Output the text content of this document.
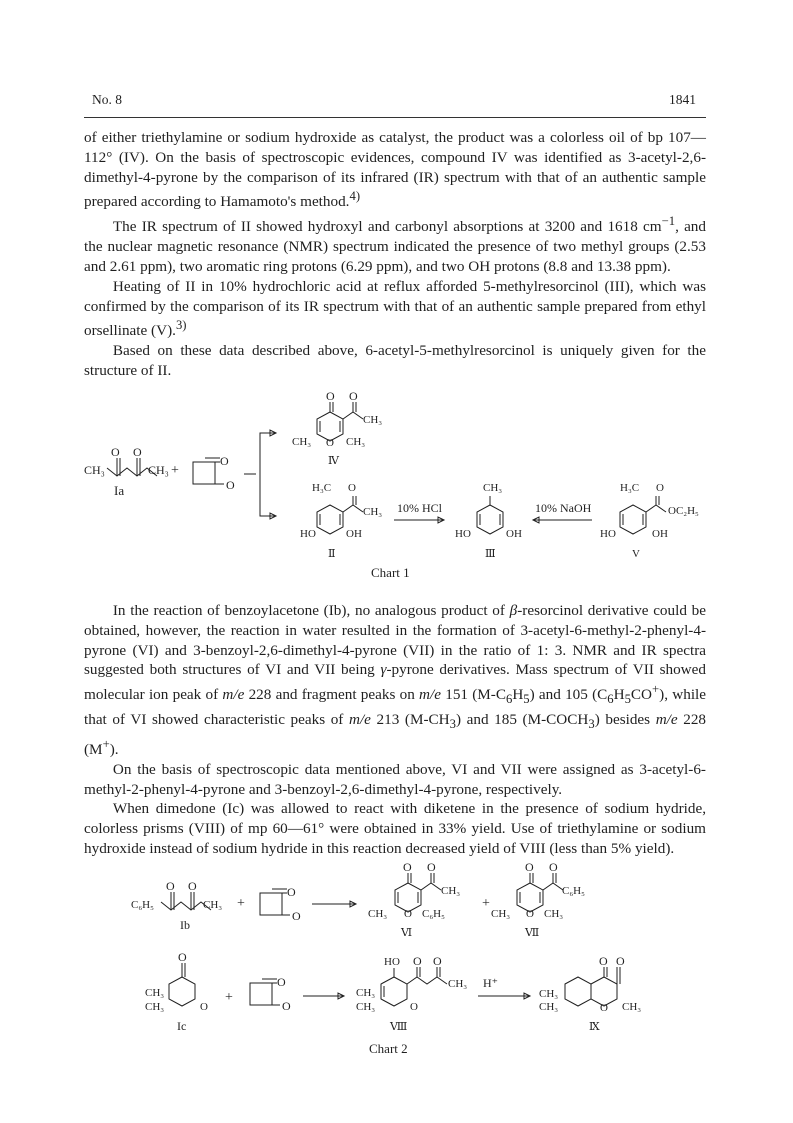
No. 8	1841

of either triethylamine or sodium hydroxide as catalyst, the product was a colorless oil of bp 107—112° (IV). On the basis of spectroscopic evidences, compound IV was identified as 3-acetyl-2,6-dimethyl-4-pyrone by the comparison of its infrared (IR) spectrum with that of an authentic sample prepared according to Hamamoto's method.$^{4)}$

The IR spectrum of II showed hydroxyl and carbonyl absorptions at 3200 and 1618 $cm^{-1}$, and the nuclear magnetic resonance (NMR) spectrum indicated the presence of two methyl groups (2.53 and 2.61 ppm), two aromatic ring protons (6.29 ppm), and two OH protons (8.8 and 13.38 ppm).

Heating of II in 10% hydrochloric acid at reflux afforded 5-methylresorcinol (III), which was confirmed by the comparison of its IR spectrum with that of an authentic sample prepared from ethyl orsellinate (V).$^{3)}$

Based on these data described above, 6-acetyl-5-methylresorcinol is uniquely given for the structure of II.

O O
CH₃	CH₃
Ia
+
O
O
O O
CH₃
CH₃ O CH₃
Ⅳ
H₃C O
CH₃
HO	OH
Ⅱ
10% HCl
CH₃
HO	OH
Ⅲ
10% NaOH
H₃C O
OC₂H₅
HO	OH
V
Chart 1

In the reaction of benzoylacetone (Ib), no analogous product of β-resorcinol derivative could be obtained, however, the reaction in water resulted in the formation of 3-acetyl-6-methyl-2-phenyl-4-pyrone (VI) and 3-benzoyl-2,6-dimethyl-4-pyrone (VII) in the ratio of 1: 3. NMR and IR spectra suggested both structures of VI and VII being γ-pyrone derivatives. Mass spectrum of VII showed molecular ion peak of m/e 228 and fragment peaks on m/e 151 $(M-C_6H_5)$ and 105 $(C_6H_5CO^+)$, while that of VI showed characteristic peaks of m/e 213 $(M-CH_3)$ and 185 $(M-COCH_3)$ besides m/e 228 (M+).

On the basis of spectroscopic data mentioned above, VI and VII were assigned as 3-acetyl-6-methyl-2-phenyl-4-pyrone and 3-benzoyl-2,6-dimethyl-4-pyrone, respectively.

When dimedone (Ic) was allowed to react with diketene in the presence of sodium hydride, colorless prisms (VIII) of mp 60—61° were obtained in 33% yield. Use of triethylamine or sodium hydroxide instead of sodium hydride in this reaction decreased yield of VIII (less than 5% yield).

O O
C₆H₅	CH₃
Ib
+
O
O
O O
CH₃
CH₃ O C₆H₅
Ⅵ
+
O O
C₆H₅
CH₃ O CH₃
Ⅶ
O
CH₃
CH₃	O
Ic
+
O
O
HO O O
CH₃
CH₃
CH₃	O
Ⅷ
H⁺
O O
CH₃
CH₃	O CH₃
Ⅸ
Chart 2
